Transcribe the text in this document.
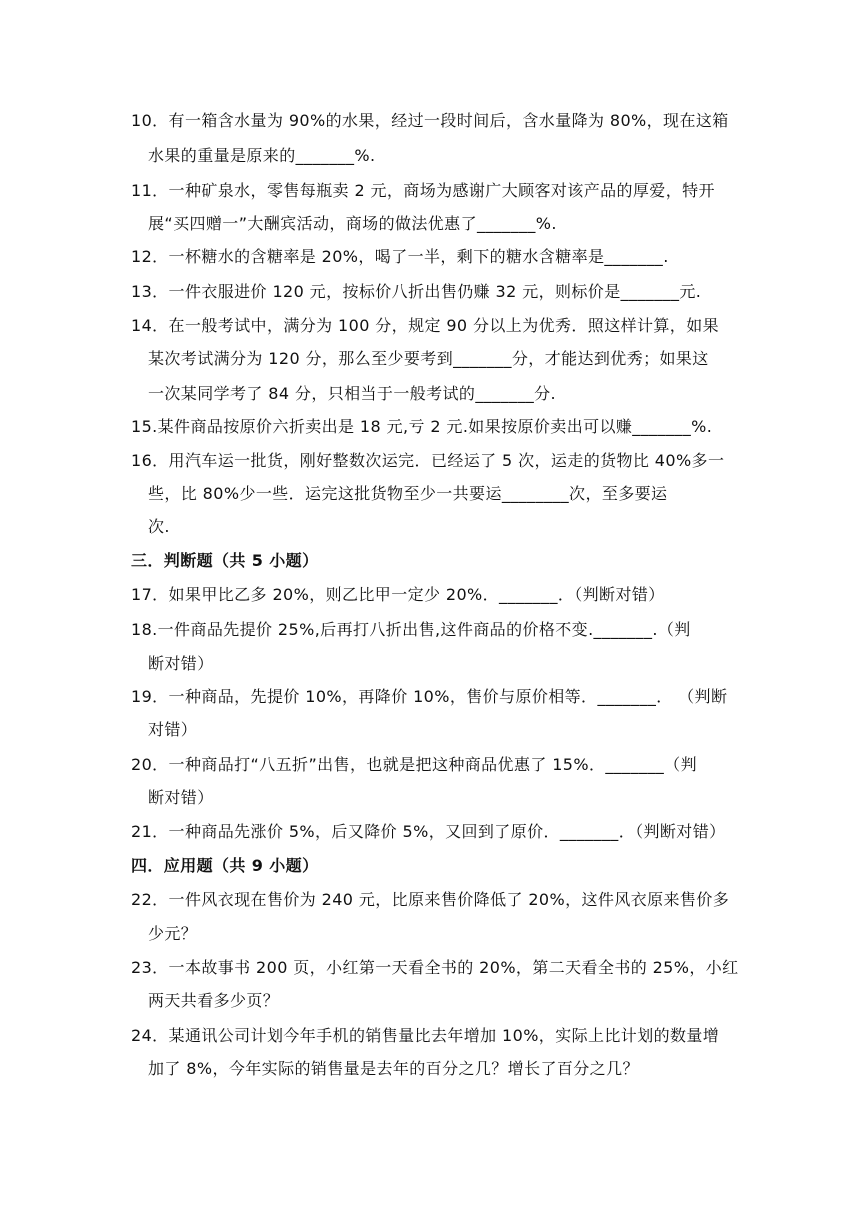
10．有一箱含水量为 90%的水果，经过一段时间后，含水量降为 80%，现在这箱
水果的重量是原来的_______%.
11．一种矿泉水，零售每瓶卖 2 元，商场为感谢广大顾客对该产品的厚爱，特开
展“买四赠一”大酬宾活动，商场的做法优惠了_______%.
12．一杯糖水的含糖率是 20%，喝了一半，剩下的糖水含糖率是_______.
13．一件衣服进价 120 元，按标价八折出售仍赚 32 元，则标价是_______元.
14．在一般考试中，满分为 100 分，规定 90 分以上为优秀．照这样计算，如果
某次考试满分为 120 分，那么至少要考到_______分，才能达到优秀；如果这
一次某同学考了 84 分，只相当于一般考试的_______分.
15.某件商品按原价六折卖出是 18 元,亏 2 元.如果按原价卖出可以赚_______%.
16．用汽车运一批货，刚好整数次运完．已经运了 5 次，运走的货物比 40%多一
些，比 80%少一些．运完这批货物至少一共要运________次，至多要运
次.
三．判断题（共 5 小题）
17．如果甲比乙多 20%，则乙比甲一定少 20%．_______．（判断对错）
18.一件商品先提价 25%,后再打八折出售,这件商品的价格不变._______.（判
断对错）
19．一种商品，先提价 10%，再降价 10%，售价与原价相等．_______． （判断
对错）
20．一种商品打“八五折”出售，也就是把这种商品优惠了 15%．_______（判
断对错）
21．一种商品先涨价 5%，后又降价 5%，又回到了原价．_______．（判断对错）
四．应用题（共 9 小题）
22．一件风衣现在售价为 240 元，比原来售价降低了 20%，这件风衣原来售价多
少元？
23．一本故事书 200 页，小红第一天看全书的 20%，第二天看全书的 25%，小红
两天共看多少页？
24．某通讯公司计划今年手机的销售量比去年增加 10%，实际上比计划的数量增
加了 8%，今年实际的销售量是去年的百分之几？增长了百分之几？
